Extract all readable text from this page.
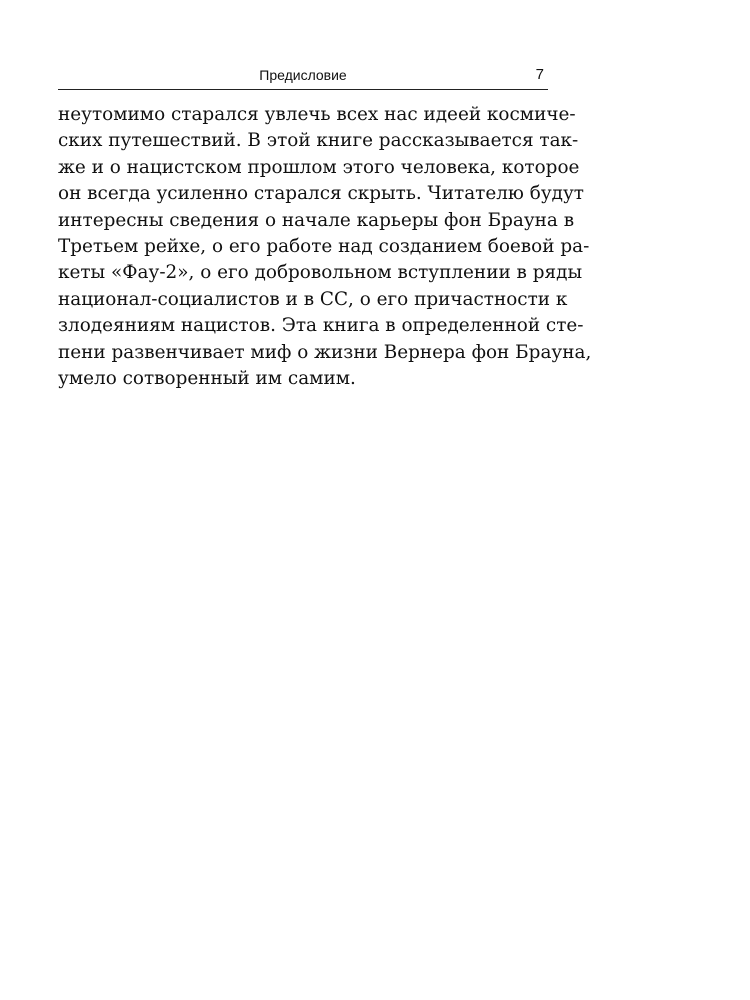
Предисловие	7
неутомимо старался увлечь всех нас идеей космиче-
ских путешествий. В этой книге рассказывается так-
же и о нацистском прошлом этого человека, которое
он всегда усиленно старался скрыть. Читателю будут
интересны сведения о начале карьеры фон Брауна в
Третьем рейхе, о его работе над созданием боевой ра-
кеты «Фау-2», о его добровольном вступлении в ряды
национал-социалистов и в СС, о его причастности к
злодеяниям нацистов. Эта книга в определенной сте-
пени развенчивает миф о жизни Вернера фон Брауна,
умело сотворенный им самим.
